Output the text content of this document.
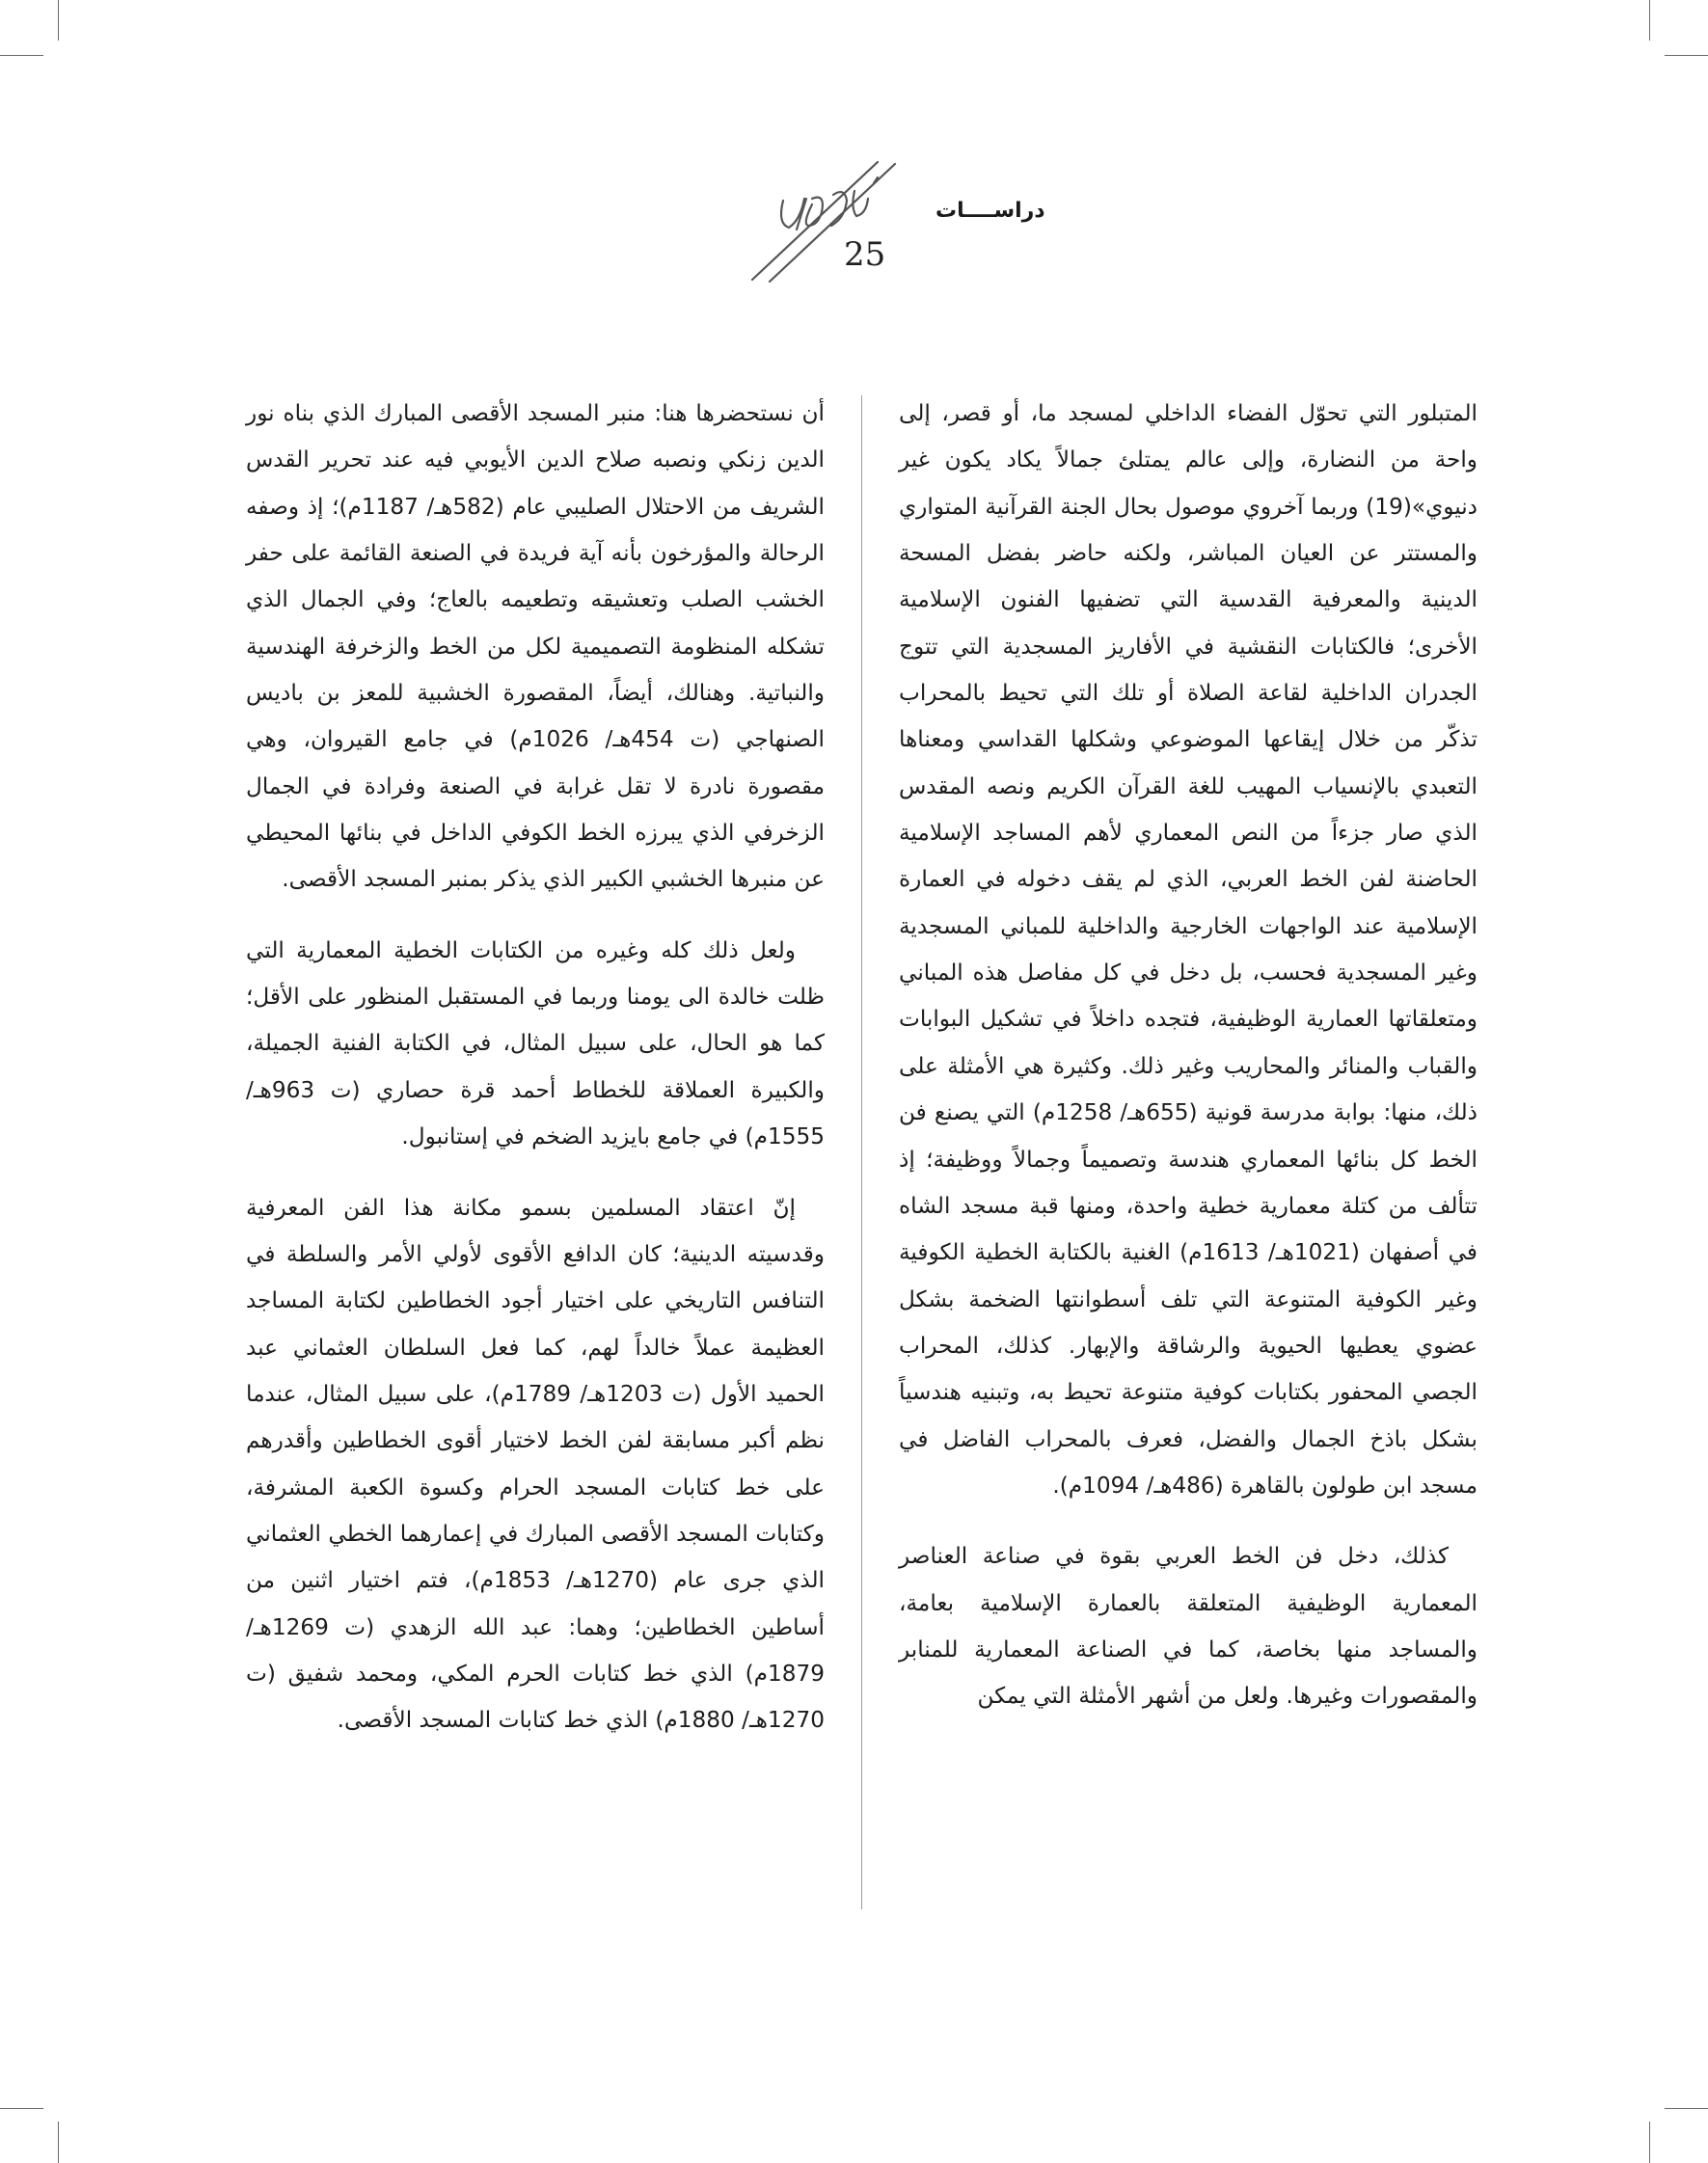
Naqd
دراســــات
25

المتبلور التي تحوّل الفضاء الداخلي لمسجد ما، أو قصر، إلى واحة من النضارة، وإلى عالم يمتلئ جمالاً يكاد يكون غير دنيوي»(19) وربما آخروي موصول بحال الجنة القرآنية المتواري والمستتر عن العيان المباشر، ولكنه حاضر بفضل المسحة الدينية والمعرفية القدسية التي تضفيها الفنون الإسلامية الأخرى؛ فالكتابات النقشية في الأفاريز المسجدية التي تتوج الجدران الداخلية لقاعة الصلاة أو تلك التي تحيط بالمحراب تذكّر من خلال إيقاعها الموضوعي وشكلها القداسي ومعناها التعبدي بالإنسياب المهيب للغة القرآن الكريم ونصه المقدس الذي صار جزءاً من النص المعماري لأهم المساجد الإسلامية الحاضنة لفن الخط العربي، الذي لم يقف دخوله في العمارة الإسلامية عند الواجهات الخارجية والداخلية للمباني المسجدية وغير المسجدية فحسب، بل دخل في كل مفاصل هذه المباني ومتعلقاتها العمارية الوظيفية، فتجده داخلاً في تشكيل البوابات والقباب والمنائر والمحاريب وغير ذلك. وكثيرة هي الأمثلة على ذلك، منها: بوابة مدرسة قونية (655هـ/ 1258م) التي يصنع فن الخط كل بنائها المعماري هندسة وتصميماً وجمالاً ووظيفة؛ إذ تتألف من كتلة معمارية خطية واحدة، ومنها قبة مسجد الشاه في أصفهان (1021هـ/ 1613م) الغنية بالكتابة الخطية الكوفية وغير الكوفية المتنوعة التي تلف أسطوانتها الضخمة بشكل عضوي يعطيها الحيوية والرشاقة والإبهار. كذلك، المحراب الجصي المحفور بكتابات كوفية متنوعة تحيط به، وتبنيه هندسياً بشكل باذخ الجمال والفضل، فعرف بالمحراب الفاضل في مسجد ابن طولون بالقاهرة (486هـ/ 1094م).

كذلك، دخل فن الخط العربي بقوة في صناعة العناصر المعمارية الوظيفية المتعلقة بالعمارة الإسلامية بعامة، والمساجد منها بخاصة، كما في الصناعة المعمارية للمنابر والمقصورات وغيرها. ولعل من أشهر الأمثلة التي يمكن

أن نستحضرها هنا: منبر المسجد الأقصى المبارك الذي بناه نور الدين زنكي ونصبه صلاح الدين الأيوبي فيه عند تحرير القدس الشريف من الاحتلال الصليبي عام (582هـ/ 1187م)؛ إذ وصفه الرحالة والمؤرخون بأنه آية فريدة في الصنعة القائمة على حفر الخشب الصلب وتعشيقه وتطعيمه بالعاج؛ وفي الجمال الذي تشكله المنظومة التصميمية لكل من الخط والزخرفة الهندسية والنباتية. وهنالك، أيضاً، المقصورة الخشبية للمعز بن باديس الصنهاجي (ت 454هـ/ 1026م) في جامع القيروان، وهي مقصورة نادرة لا تقل غرابة في الصنعة وفرادة في الجمال الزخرفي الذي يبرزه الخط الكوفي الداخل في بنائها المحيطي عن منبرها الخشبي الكبير الذي يذكر بمنبر المسجد الأقصى.

ولعل ذلك كله وغيره من الكتابات الخطية المعمارية التي ظلت خالدة الى يومنا وربما في المستقبل المنظور على الأقل؛ كما هو الحال، على سبيل المثال، في الكتابة الفنية الجميلة، والكبيرة العملاقة للخطاط أحمد قرة حصاري (ت 963هـ/ 1555م) في جامع بايزيد الضخم في إستانبول.

إنّ اعتقاد المسلمين بسمو مكانة هذا الفن المعرفية وقدسيته الدينية؛ كان الدافع الأقوى لأولي الأمر والسلطة في التنافس التاريخي على اختيار أجود الخطاطين لكتابة المساجد العظيمة عملاً خالداً لهم، كما فعل السلطان العثماني عبد الحميد الأول (ت 1203هـ/ 1789م)، على سبيل المثال، عندما نظم أكبر مسابقة لفن الخط لاختيار أقوى الخطاطين وأقدرهم على خط كتابات المسجد الحرام وكسوة الكعبة المشرفة، وكتابات المسجد الأقصى المبارك في إعمارهما الخطي العثماني الذي جرى عام (1270هـ/ 1853م)، فتم اختيار اثنين من أساطين الخطاطين؛ وهما: عبد الله الزهدي (ت 1269هـ/ 1879م) الذي خط كتابات الحرم المكي، ومحمد شفيق (ت 1270هـ/ 1880م) الذي خط كتابات المسجد الأقصى.
